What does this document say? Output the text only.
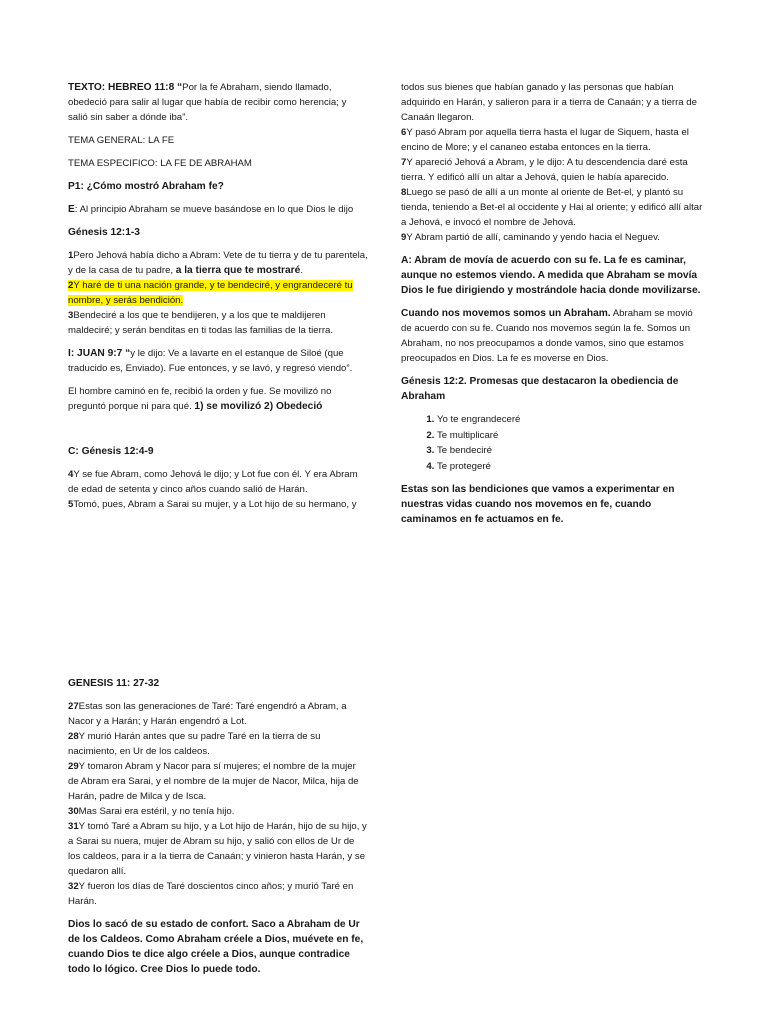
TEXTO: HEBREO 11:8 “Por la fe Abraham, siendo llamado, obedeció para salir al lugar que había de recibir como herencia; y salió sin saber a dónde iba”.

TEMA GENERAL: LA FE

TEMA ESPECIFICO: LA FE DE ABRAHAM

P1: ¿Cómo mostró Abraham fe?

E: Al principio Abraham se mueve basándose en lo que Dios le dijo

Génesis 12:1-3

1Pero Jehová había dicho a Abram: Vete de tu tierra y de tu parentela, y de la casa de tu padre, a la tierra que te mostraré.
2Y haré de ti una nación grande, y te bendeciré, y engrandeceré tu nombre, y serás bendición.
3Bendeciré a los que te bendijeren, y a los que te maldijeren maldeciré; y serán benditas en ti todas las familias de la tierra.

I: JUAN 9:7 “y le dijo: Ve a lavarte en el estanque de Siloé (que traducido es, Enviado). Fue entonces, y se lavó, y regresó viendo”.

El hombre caminó en fe, recibió la orden y fue. Se movilizó no preguntó porque ni para qué. 1) se movilizó 2) Obedeció

C: Génesis 12:4-9

4Y se fue Abram, como Jehová le dijo; y Lot fue con él. Y era Abram de edad de setenta y cinco años cuando salió de Harán.
5Tomó, pues, Abram a Sarai su mujer, y a Lot hijo de su hermano, y

todos sus bienes que habían ganado y las personas que habían adquirido en Harán, y salieron para ir a tierra de Canaán; y a tierra de Canaán llegaron.
6Y pasó Abram por aquella tierra hasta el lugar de Siquem, hasta el encino de More; y el cananeo estaba entonces en la tierra.
7Y apareció Jehová a Abram, y le dijo: A tu descendencia daré esta tierra. Y edificó allí un altar a Jehová, quien le había aparecido.
8Luego se pasó de allí a un monte al oriente de Bet-el, y plantó su tienda, teniendo a Bet-el al occidente y Hai al oriente; y edificó allí altar a Jehová, e invocó el nombre de Jehová.
9Y Abram partió de allí, caminando y yendo hacia el Neguev.

A: Abram de movía de acuerdo con su fe. La fe es caminar, aunque no estemos viendo. A medida que Abraham se movía Dios le fue dirigiendo y mostrándole hacia donde movilizarse.

Cuando nos movemos somos un Abraham. Abraham se movió de acuerdo con su fe. Cuando nos movemos según la fe. Somos un Abraham, no nos preocupamos a donde vamos, sino que estamos preocupados en Dios. La fe es moverse en Dios.

Génesis 12:2. Promesas que destacaron la obediencia de Abraham

1. Yo te engrandeceré
2. Te multiplicaré
3. Te bendeciré
4. Te protegeré

Estas son las bendiciones que vamos a experimentar en nuestras vidas cuando nos movemos en fe, cuando caminamos en fe actuamos en fe.

GENESIS 11: 27-32

27Estas son las generaciones de Taré: Taré engendró a Abram, a Nacor y a Harán; y Harán engendró a Lot.
28Y murió Harán antes que su padre Taré en la tierra de su nacimiento, en Ur de los caldeos.
29Y tomaron Abram y Nacor para sí mujeres; el nombre de la mujer de Abram era Sarai, y el nombre de la mujer de Nacor, Milca, hija de Harán, padre de Milca y de Isca.
30Mas Sarai era estéril, y no tenía hijo.
31Y tomó Taré a Abram su hijo, y a Lot hijo de Harán, hijo de su hijo, y a Sarai su nuera, mujer de Abram su hijo, y salió con ellos de Ur de los caldeos, para ir a la tierra de Canaán; y vinieron hasta Harán, y se quedaron allí.
32Y fueron los días de Taré doscientos cinco años; y murió Taré en Harán.

Dios lo sacó de su estado de confort. Saco a Abraham de Ur de los Caldeos. Como Abraham créele a Dios, muévete en fe, cuando Dios te dice algo créele a Dios, aunque contradice todo lo lógico. Cree Dios lo puede todo.
